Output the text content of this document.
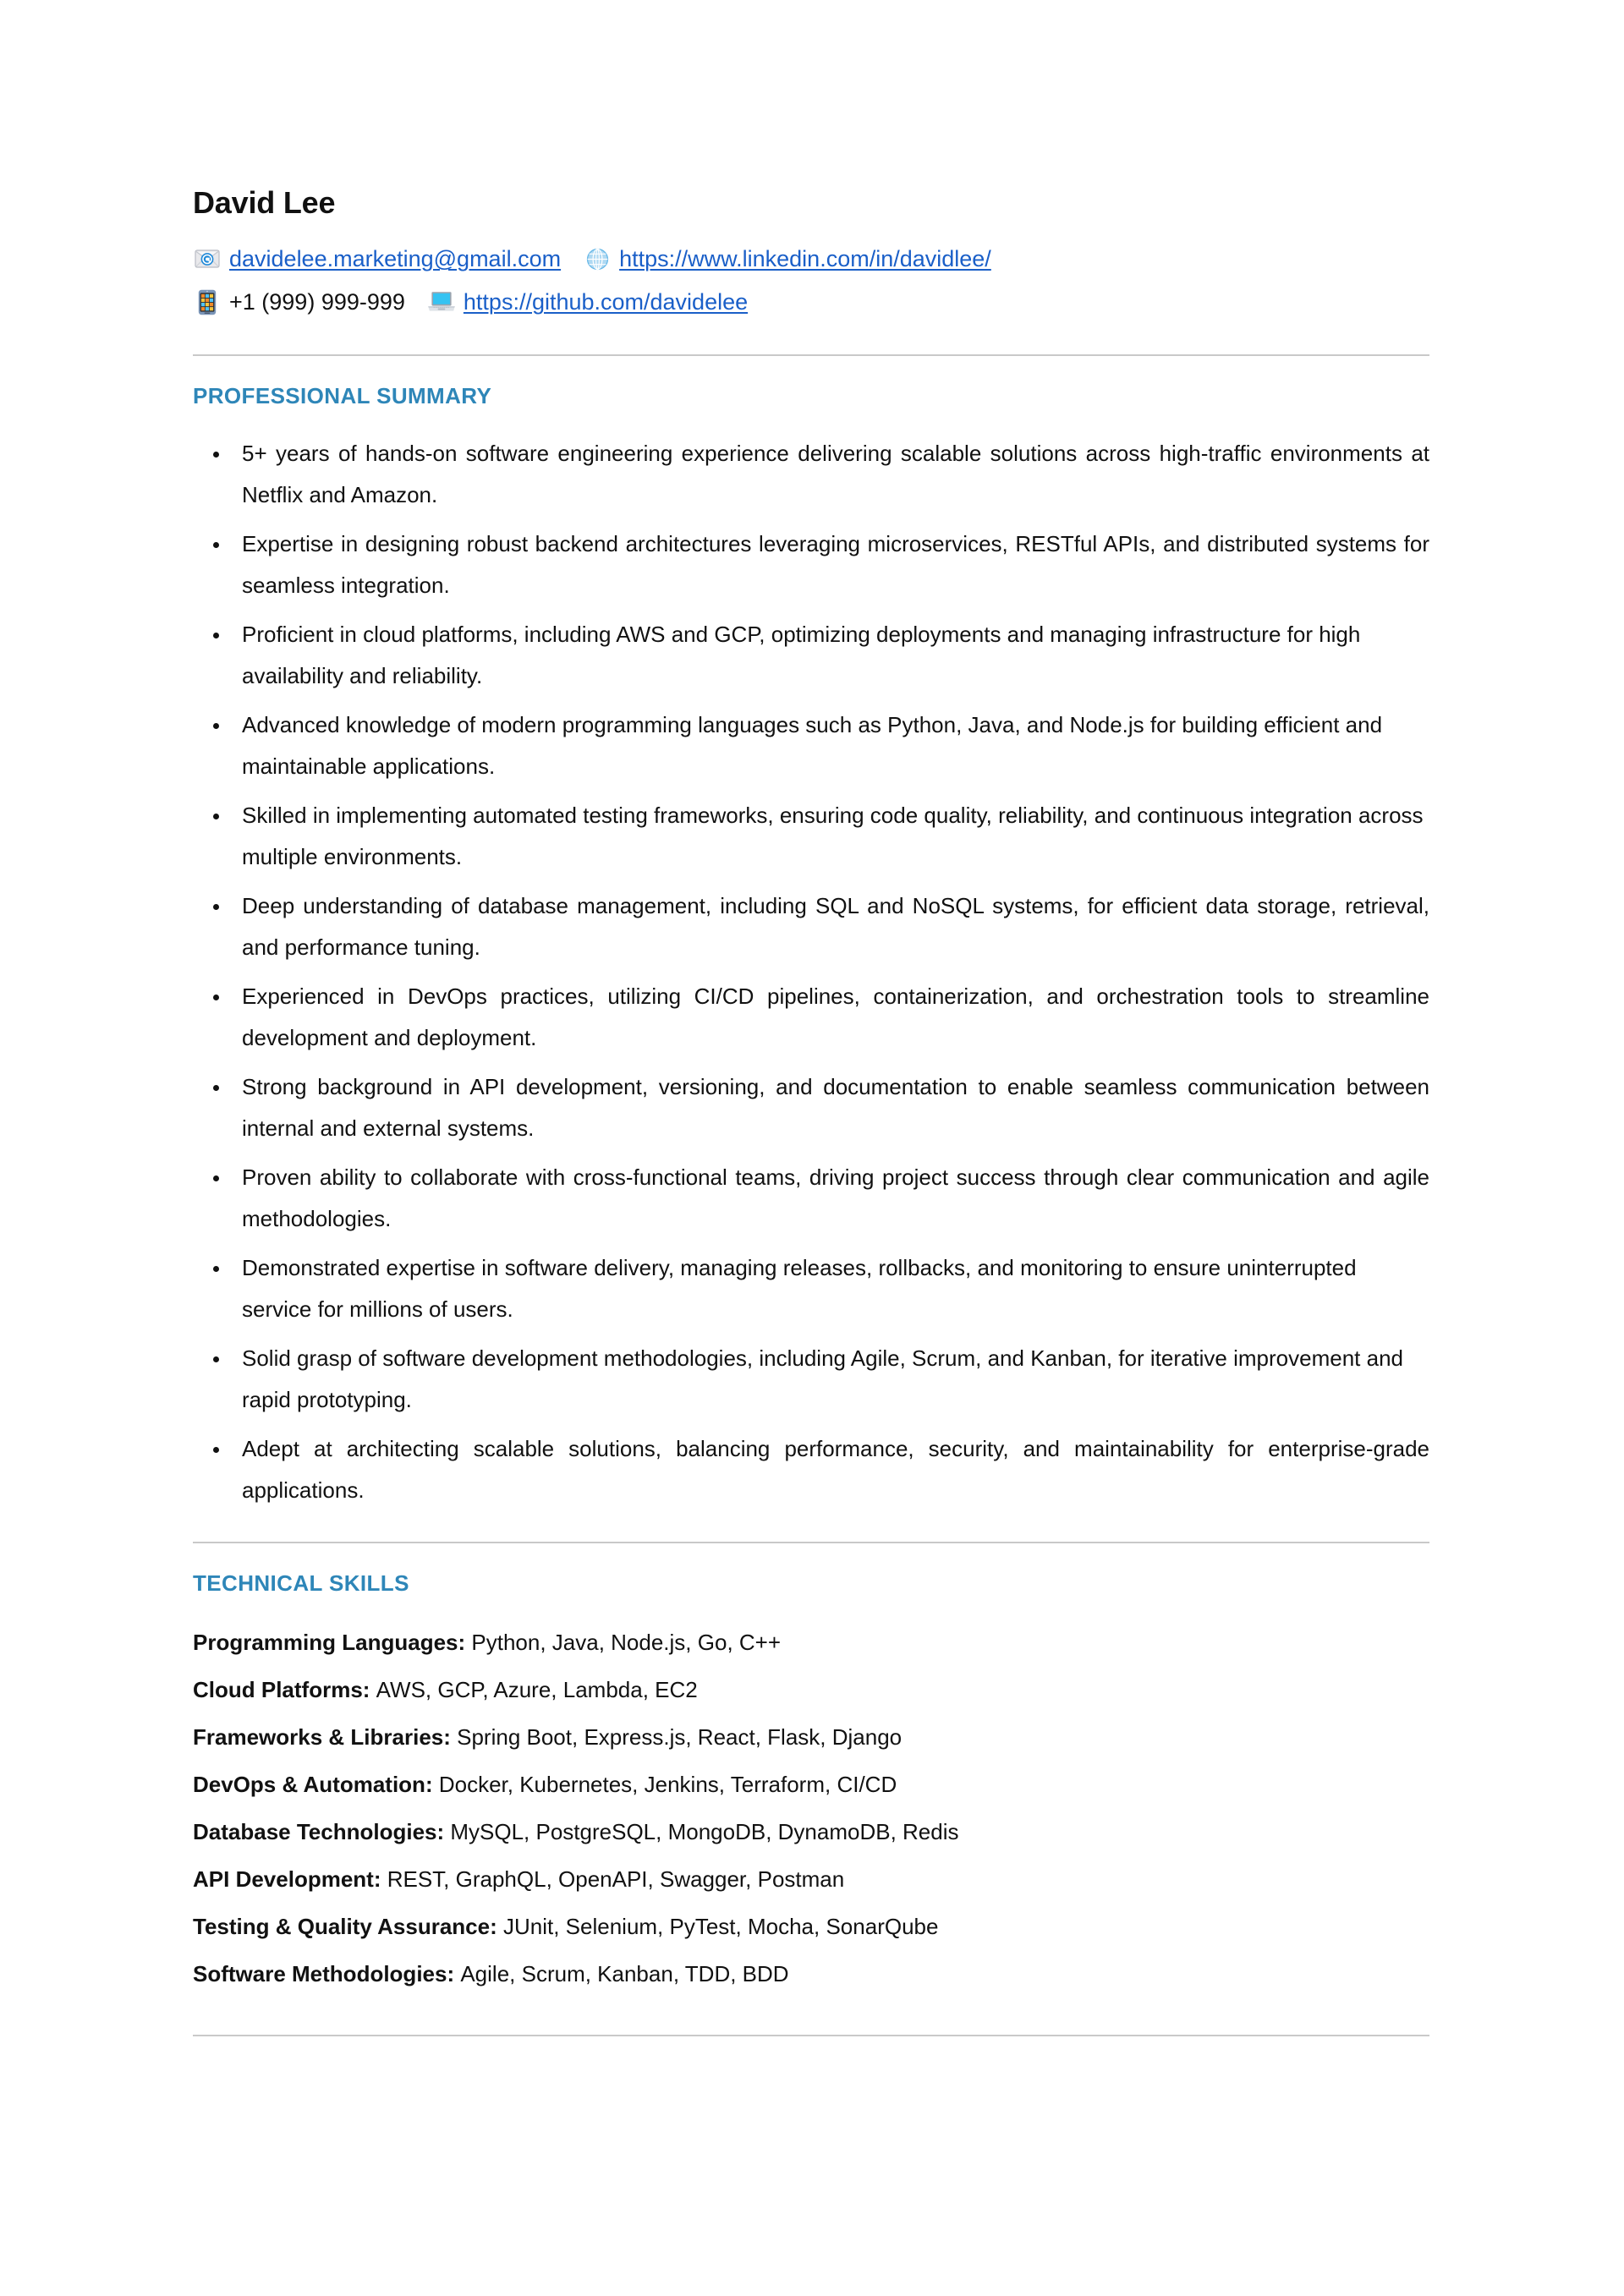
David Lee
davidelee.marketing@gmail.com	https://www.linkedin.com/in/davidlee/
+1 (999) 999-999	https://github.com/davidelee
PROFESSIONAL SUMMARY
5+ years of hands-on software engineering experience delivering scalable solutions across high-traffic environments at Netflix and Amazon.
Expertise in designing robust backend architectures leveraging microservices, RESTful APIs, and distributed systems for seamless integration.
Proficient in cloud platforms, including AWS and GCP, optimizing deployments and managing infrastructure for high availability and reliability.
Advanced knowledge of modern programming languages such as Python, Java, and Node.js for building efficient and maintainable applications.
Skilled in implementing automated testing frameworks, ensuring code quality, reliability, and continuous integration across multiple environments.
Deep understanding of database management, including SQL and NoSQL systems, for efficient data storage, retrieval, and performance tuning.
Experienced in DevOps practices, utilizing CI/CD pipelines, containerization, and orchestration tools to streamline development and deployment.
Strong background in API development, versioning, and documentation to enable seamless communication between internal and external systems.
Proven ability to collaborate with cross-functional teams, driving project success through clear communication and agile methodologies.
Demonstrated expertise in software delivery, managing releases, rollbacks, and monitoring to ensure uninterrupted service for millions of users.
Solid grasp of software development methodologies, including Agile, Scrum, and Kanban, for iterative improvement and rapid prototyping.
Adept at architecting scalable solutions, balancing performance, security, and maintainability for enterprise-grade applications.
TECHNICAL SKILLS
Programming Languages: Python, Java, Node.js, Go, C++
Cloud Platforms: AWS, GCP, Azure, Lambda, EC2
Frameworks & Libraries: Spring Boot, Express.js, React, Flask, Django
DevOps & Automation: Docker, Kubernetes, Jenkins, Terraform, CI/CD
Database Technologies: MySQL, PostgreSQL, MongoDB, DynamoDB, Redis
API Development: REST, GraphQL, OpenAPI, Swagger, Postman
Testing & Quality Assurance: JUnit, Selenium, PyTest, Mocha, SonarQube
Software Methodologies: Agile, Scrum, Kanban, TDD, BDD
